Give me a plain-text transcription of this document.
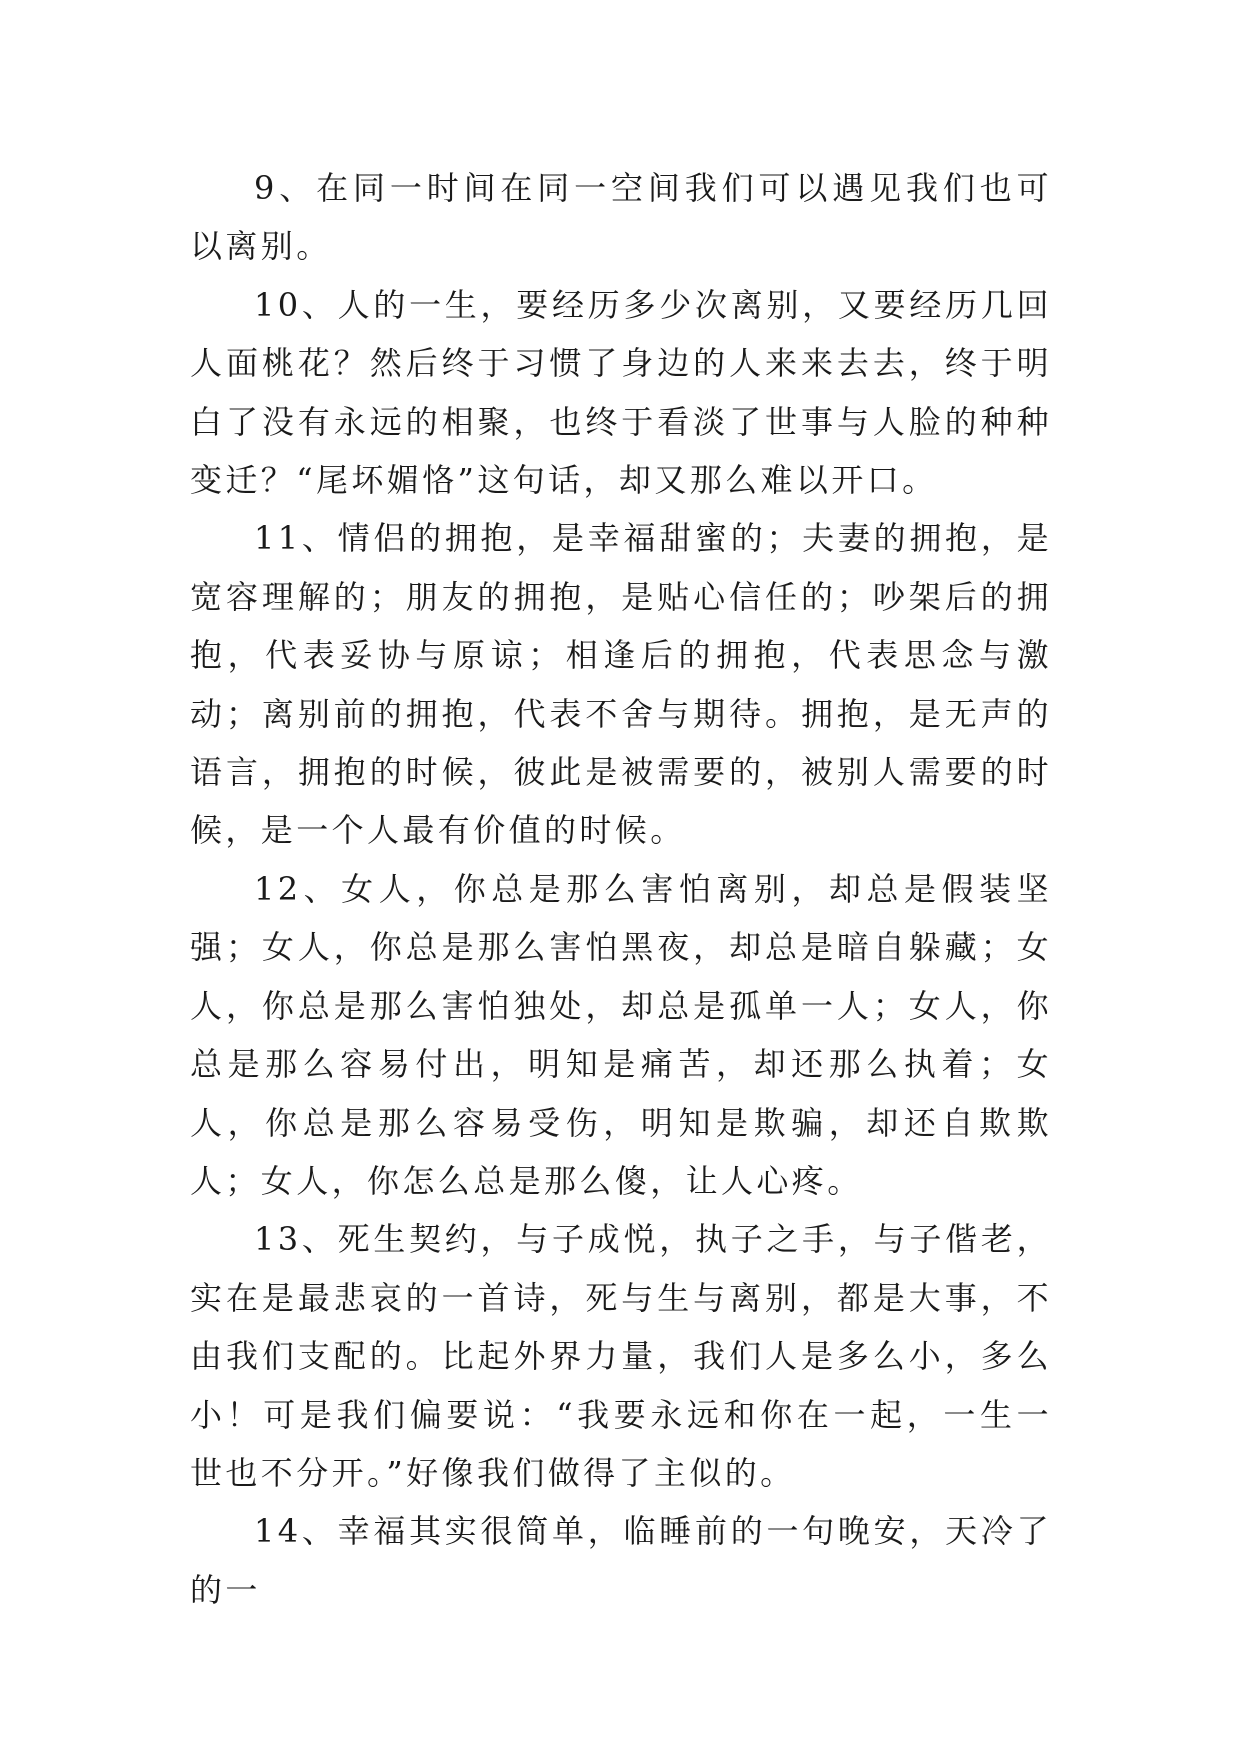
9、在同一时间在同一空间我们可以遇见我们也可以离别。

10、人的一生，要经历多少次离别，又要经历几回人面桃花？然后终于习惯了身边的人来来去去，终于明白了没有永远的相聚，也终于看淡了世事与人脸的种种变迁？“尾坏媚恪”这句话，却又那么难以开口。

11、情侣的拥抱，是幸福甜蜜的；夫妻的拥抱，是宽容理解的；朋友的拥抱，是贴心信任的；吵架后的拥抱，代表妥协与原谅；相逢后的拥抱，代表思念与激动；离别前的拥抱，代表不舍与期待。拥抱，是无声的语言，拥抱的时候，彼此是被需要的，被别人需要的时候，是一个人最有价值的时候。

12、女人，你总是那么害怕离别，却总是假装坚强；女人，你总是那么害怕黑夜，却总是暗自躲藏；女人，你总是那么害怕独处，却总是孤单一人；女人，你总是那么容易付出，明知是痛苦，却还那么执着；女人，你总是那么容易受伤，明知是欺骗，却还自欺欺人；女人，你怎么总是那么傻，让人心疼。

13、死生契约，与子成悦，执子之手，与子偕老，实在是最悲哀的一首诗，死与生与离别，都是大事，不由我们支配的。比起外界力量，我们人是多么小，多么小！可是我们偏要说：“我要永远和你在一起，一生一世也不分开。”好像我们做得了主似的。

14、幸福其实很简单，临睡前的一句晚安，天冷了的一
